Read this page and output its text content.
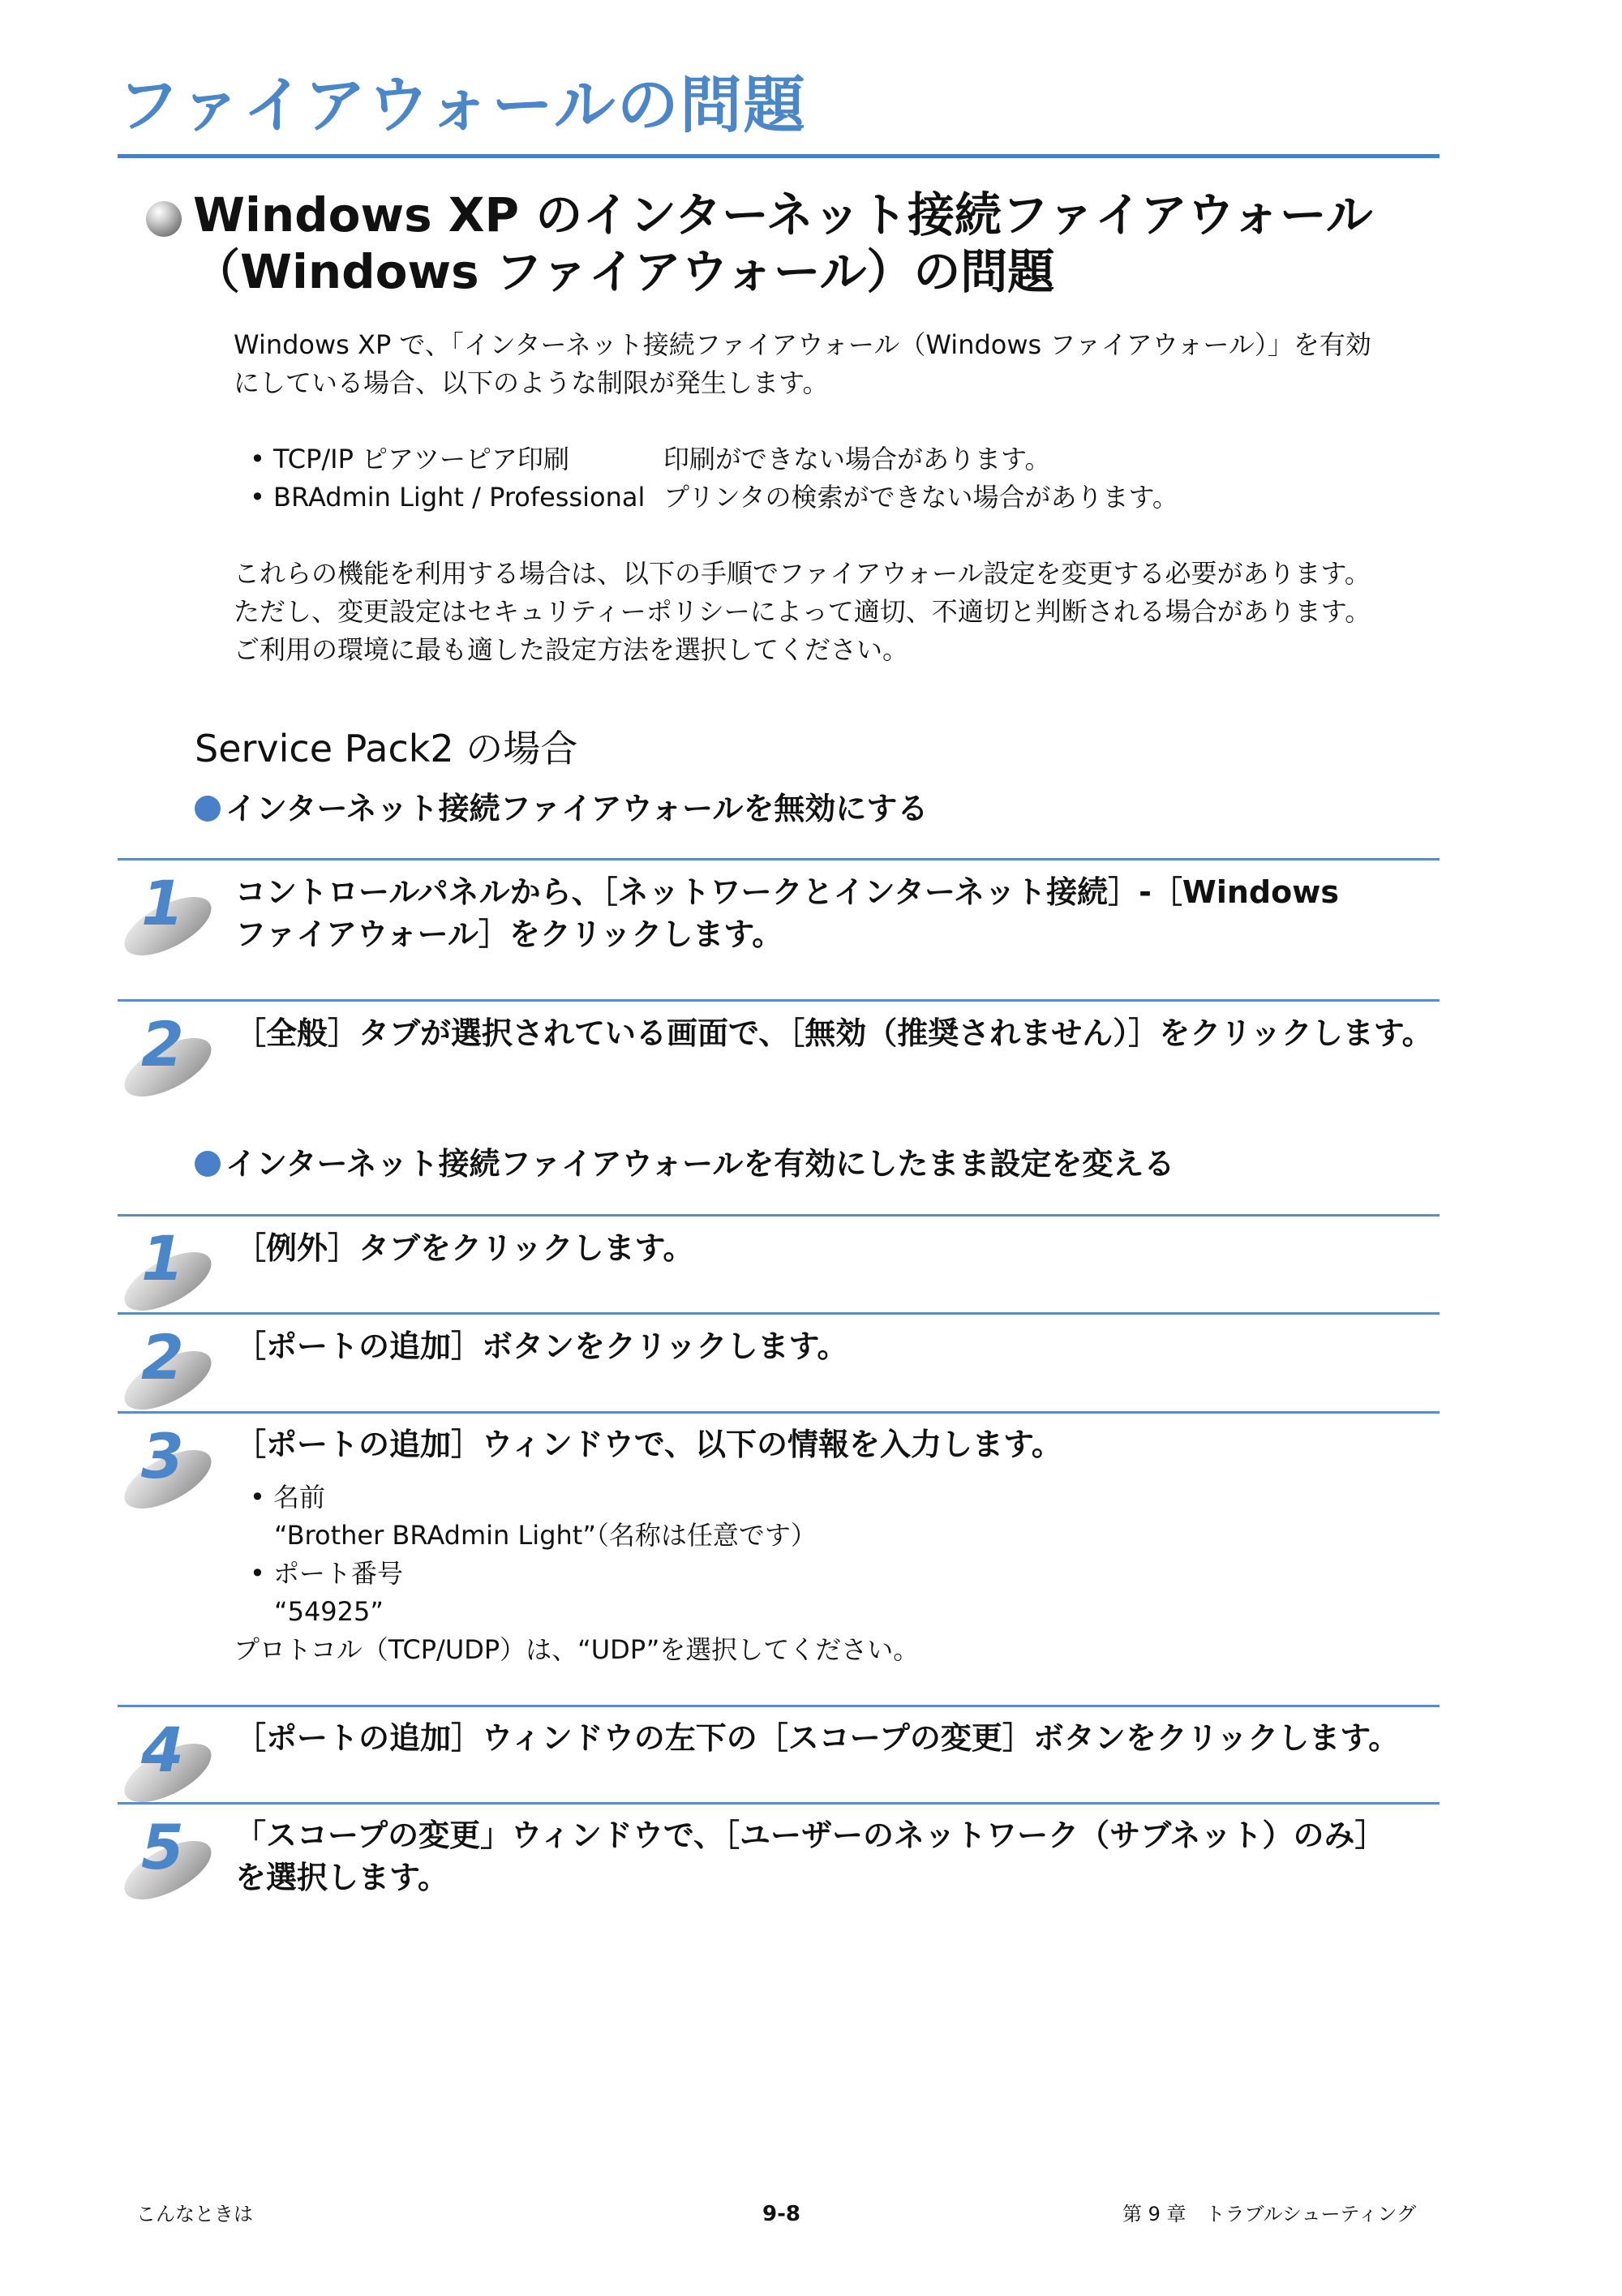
ファイアウォールの問題
Windows XP のインターネット接続ファイアウォール
（Windows ファイアウォール）の問題
Windows XP で、「インターネット接続ファイアウォール（Windows ファイアウォール）」を有効
にしている場合、以下のような制限が発生します。
• TCP/IP ピアツーピア印刷	印刷ができない場合があります。
• BRAdmin Light / Professional プリンタの検索ができない場合があります。
これらの機能を利用する場合は、以下の手順でファイアウォール設定を変更する必要があります。
ただし、変更設定はセキュリティーポリシーによって適切、不適切と判断される場合があります。
ご利用の環境に最も適した設定方法を選択してください。
Service Pack2 の場合
インターネット接続ファイアウォールを無効にする
1 コントロールパネルから、［ネットワークとインターネット接続］-［Windows
ファイアウォール］をクリックします。
2 ［全般］タブが選択されている画面で、［無効（推奨されません）］をクリックします。
インターネット接続ファイアウォールを有効にしたまま設定を変える
1 ［例外］タブをクリックします。
2 ［ポートの追加］ボタンをクリックします。
3 ［ポートの追加］ウィンドウで、以下の情報を入力します。
• 名前
“Brother BRAdmin Light”（名称は任意です）
• ポート番号
“54925”
プロトコル（TCP/UDP）は、“UDP”を選択してください。
4 ［ポートの追加］ウィンドウの左下の［スコープの変更］ボタンをクリックします。
5 「スコープの変更」ウィンドウで、［ユーザーのネットワーク（サブネット）のみ］
を選択します。
こんなときは	9-8	第 9 章　トラブルシューティング
